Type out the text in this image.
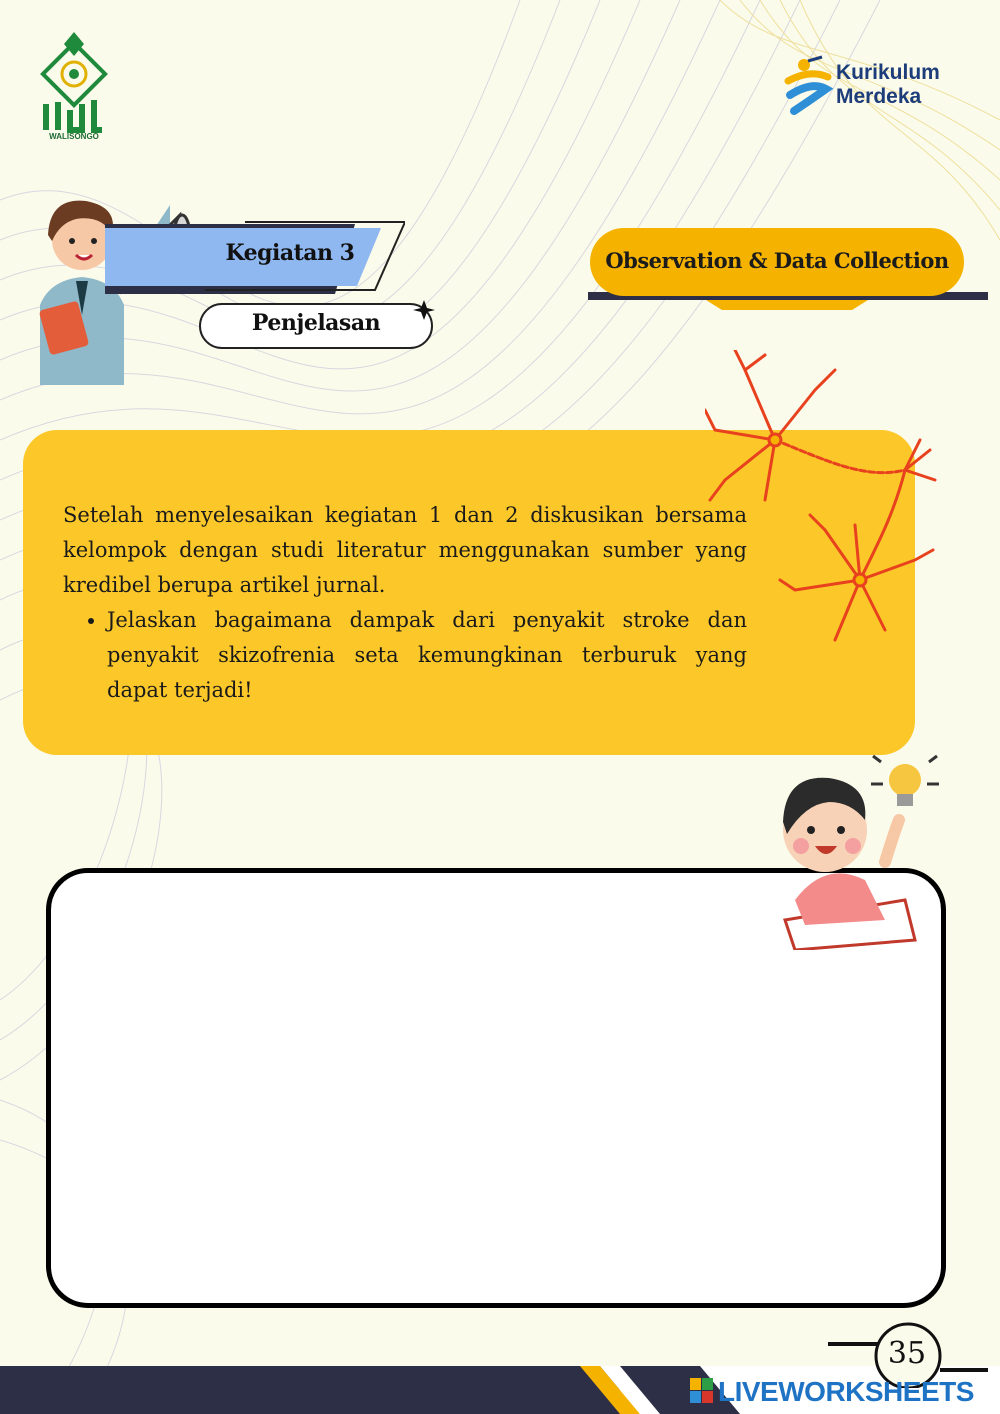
WALISONGO
Kurikulum
Merdeka
Kegiatan 3
Penjelasan
Observation & Data Collection

Setelah menyelesaikan kegiatan 1 dan 2 diskusikan bersama kelompok dengan studi literatur menggunakan sumber yang kredibel berupa artikel jurnal.

• Jelaskan bagaimana dampak dari penyakit stroke dan penyakit skizofrenia seta kemungkinan terburuk yang dapat terjadi!
35
LIVEWORKSHEETS
